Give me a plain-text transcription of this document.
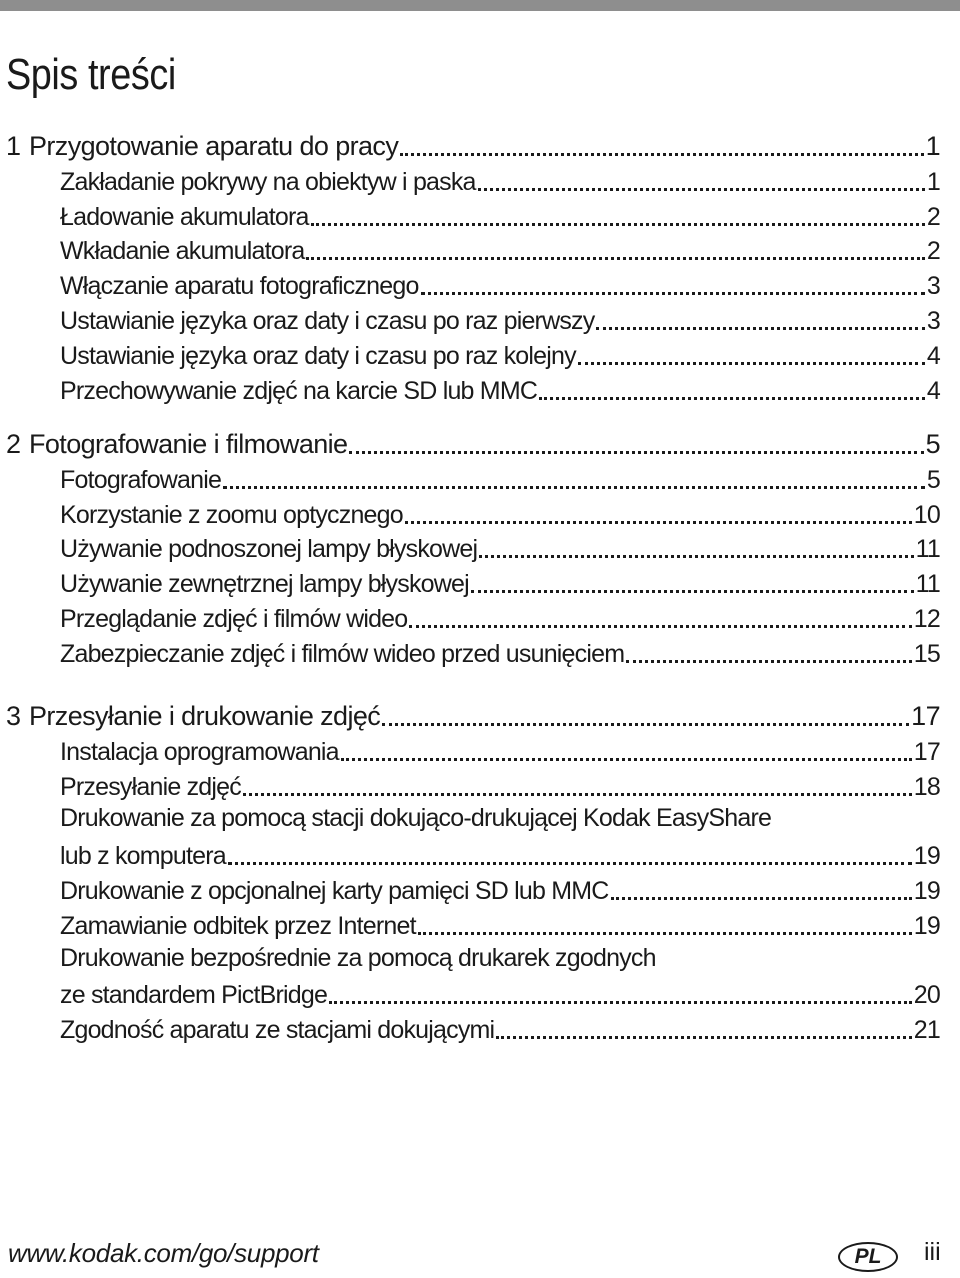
Spis treści
1 Przygotowanie aparatu do pracy	1
Zakładanie pokrywy na obiektyw i paska	1
Ładowanie akumulatora	2
Wkładanie akumulatora	2
Włączanie aparatu fotograficznego	3
Ustawianie języka oraz daty i czasu po raz pierwszy	3
Ustawianie języka oraz daty i czasu po raz kolejny	4
Przechowywanie zdjęć na karcie SD lub MMC	4
2 Fotografowanie i filmowanie	5
Fotografowanie	5
Korzystanie z zoomu optycznego	10
Używanie podnoszonej lampy błyskowej	11
Używanie zewnętrznej lampy błyskowej	11
Przeglądanie zdjęć i filmów wideo	12
Zabezpieczanie zdjęć i filmów wideo przed usunięciem	15
3 Przesyłanie i drukowanie zdjęć	17
Instalacja oprogramowania	17
Przesyłanie zdjęć	18
Drukowanie za pomocą stacji dokująco-drukującej Kodak EasyShare
lub z komputera	19
Drukowanie z opcjonalnej karty pamięci SD lub MMC	19
Zamawianie odbitek przez Internet	19
Drukowanie bezpośrednie za pomocą drukarek zgodnych
ze standardem PictBridge	20
Zgodność aparatu ze stacjami dokującymi	21
www.kodak.com/go/support	PL iii
